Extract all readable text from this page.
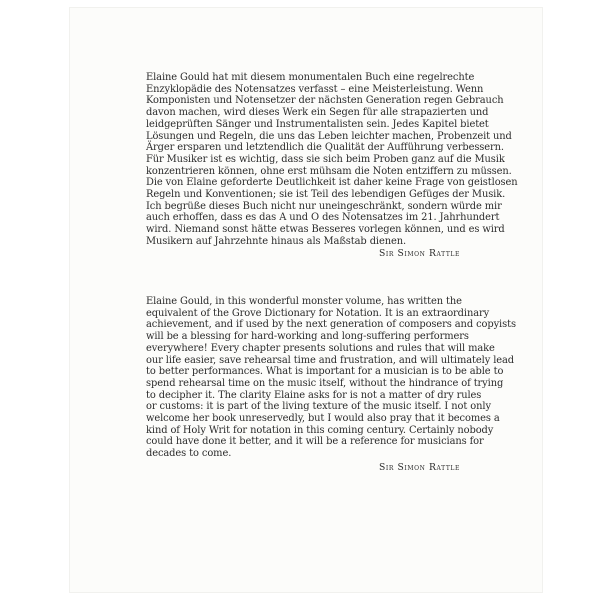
Elaine Gould hat mit diesem monumentalen Buch eine regelrechte
Enzyklopädie des Notensatzes verfasst – eine Meisterleistung. Wenn
Komponisten und Notensetzer der nächsten Generation regen Gebrauch
davon machen, wird dieses Werk ein Segen für alle strapazierten und
leidgeprüften Sänger und Instrumentalisten sein. Jedes Kapitel bietet
Lösungen und Regeln, die uns das Leben leichter machen, Probenzeit und
Ärger ersparen und letztendlich die Qualität der Aufführung verbessern.
Für Musiker ist es wichtig, dass sie sich beim Proben ganz auf die Musik
konzentrieren können, ohne erst mühsam die Noten entziffern zu müssen.
Die von Elaine geforderte Deutlichkeit ist daher keine Frage von geistlosen
Regeln und Konventionen; sie ist Teil des lebendigen Gefüges der Musik.
Ich begrüße dieses Buch nicht nur uneingeschränkt, sondern würde mir
auch erhoffen, dass es das A und O des Notensatzes im 21. Jahrhundert
wird. Niemand sonst hätte etwas Besseres vorlegen können, und es wird
Musikern auf Jahrzehnte hinaus als Maßstab dienen.

Sir Simon Rattle

Elaine Gould, in this wonderful monster volume, has written the
equivalent of the Grove Dictionary for Notation. It is an extraordinary
achievement, and if used by the next generation of composers and copyists
will be a blessing for hard-working and long-suffering performers
everywhere! Every chapter presents solutions and rules that will make
our life easier, save rehearsal time and frustration, and will ultimately lead
to better performances. What is important for a musician is to be able to
spend rehearsal time on the music itself, without the hindrance of trying
to decipher it. The clarity Elaine asks for is not a matter of dry rules
or customs: it is part of the living texture of the music itself. I not only
welcome her book unreservedly, but I would also pray that it becomes a
kind of Holy Writ for notation in this coming century. Certainly nobody
could have done it better, and it will be a reference for musicians for
decades to come.

Sir Simon Rattle
